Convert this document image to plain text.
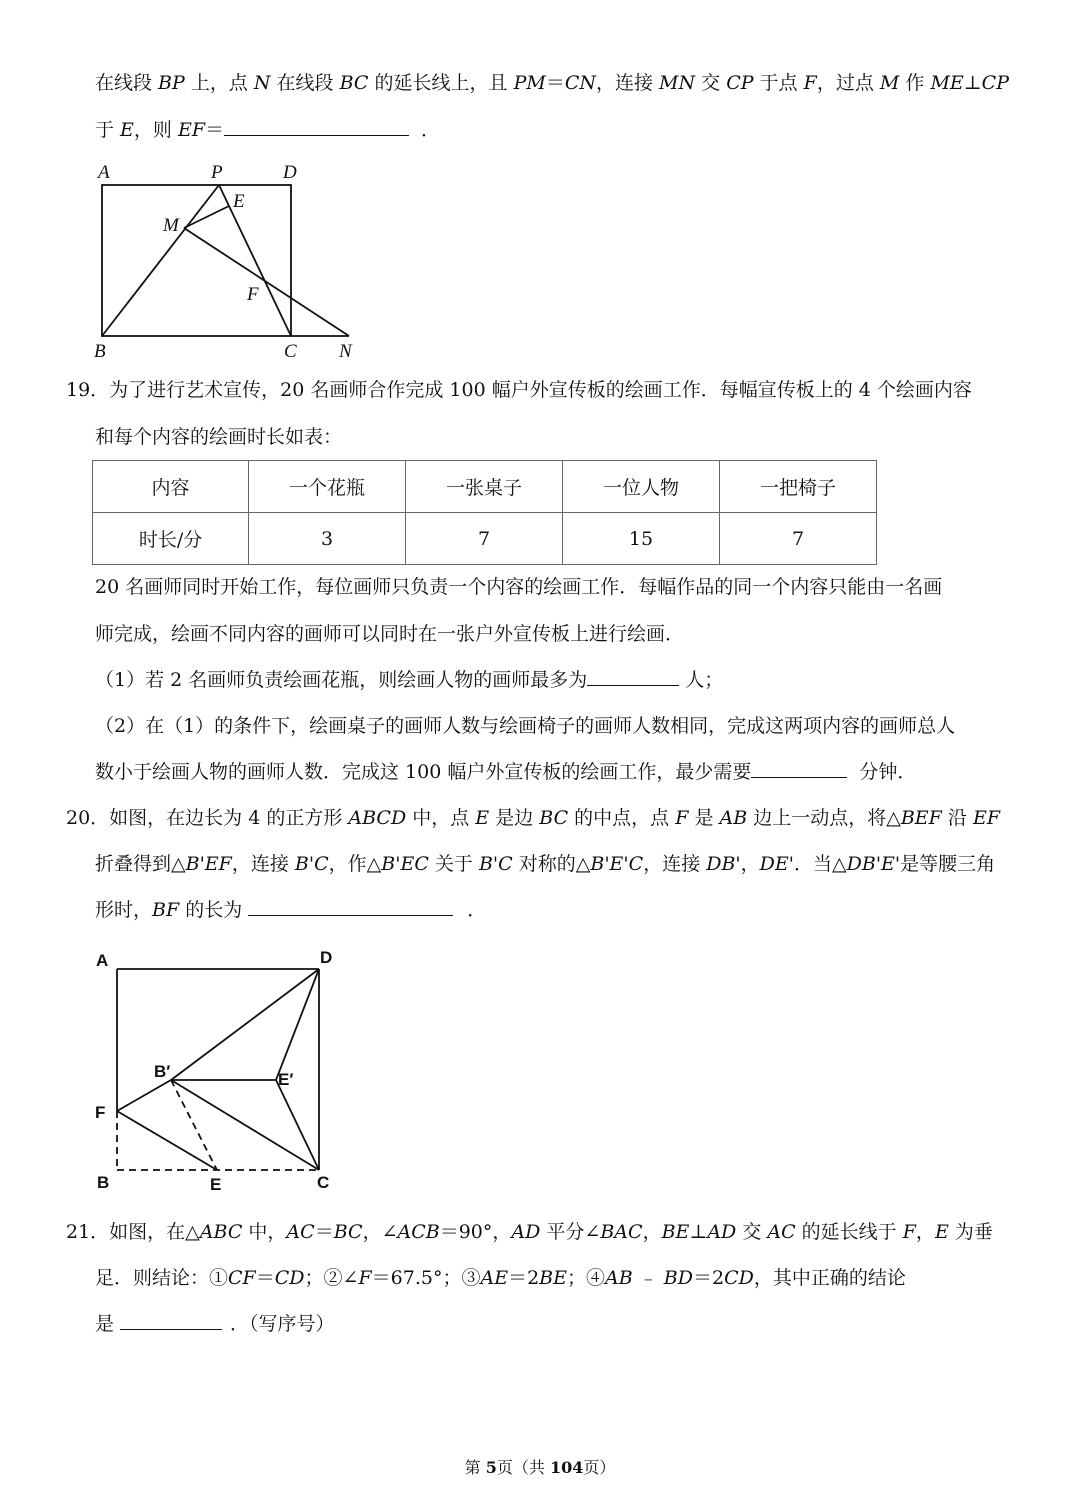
在线段 BP 上，点 N 在线段 BC 的延长线上，且 PM＝CN，连接 MN 交 CP 于点 F，过点 M 作 ME⊥CP
于 E，则 EF＝	．
A	P	D
E
M
F
B	C N
19．为了进行艺术宣传，20 名画师合作完成 100 幅户外宣传板的绘画工作．每幅宣传板上的 4 个绘画内容
和每个内容的绘画时长如表：
内容	一个花瓶	一张桌子	一位人物	一把椅子
时长/分	3	7	15	7
20 名画师同时开始工作，每位画师只负责一个内容的绘画工作．每幅作品的同一个内容只能由一名画
师完成，绘画不同内容的画师可以同时在一张户外宣传板上进行绘画．
（1）若 2 名画师负责绘画花瓶，则绘画人物的画师最多为	人；
（2）在（1）的条件下，绘画桌子的画师人数与绘画椅子的画师人数相同，完成这两项内容的画师总人
数小于绘画人物的画师人数．完成这 100 幅户外宣传板的绘画工作，最少需要	分钟．
20．如图，在边长为 4 的正方形 ABCD 中，点 E 是边 BC 的中点，点 F 是 AB 边上一动点，将△BEF 沿 EF
折叠得到△B'EF，连接 B'C，作△B'EC 关于 B'C 对称的△B'E'C，连接 DB'，DE'．当△DB'E'是等腰三角
形时，BF 的长为	．
A	D
B′	E′
F
B	E	C
21．如图，在△ABC 中，AC＝BC，∠ACB＝90°，AD 平分∠BAC，BE⊥AD 交 AC 的延长线于 F，E 为垂
足．则结论：①CF＝CD；②∠F＝67.5°；③AE＝2BE；④AB ﹣ BD＝2CD，其中正确的结论
是	．（写序号）
第 5页（共 104页）
